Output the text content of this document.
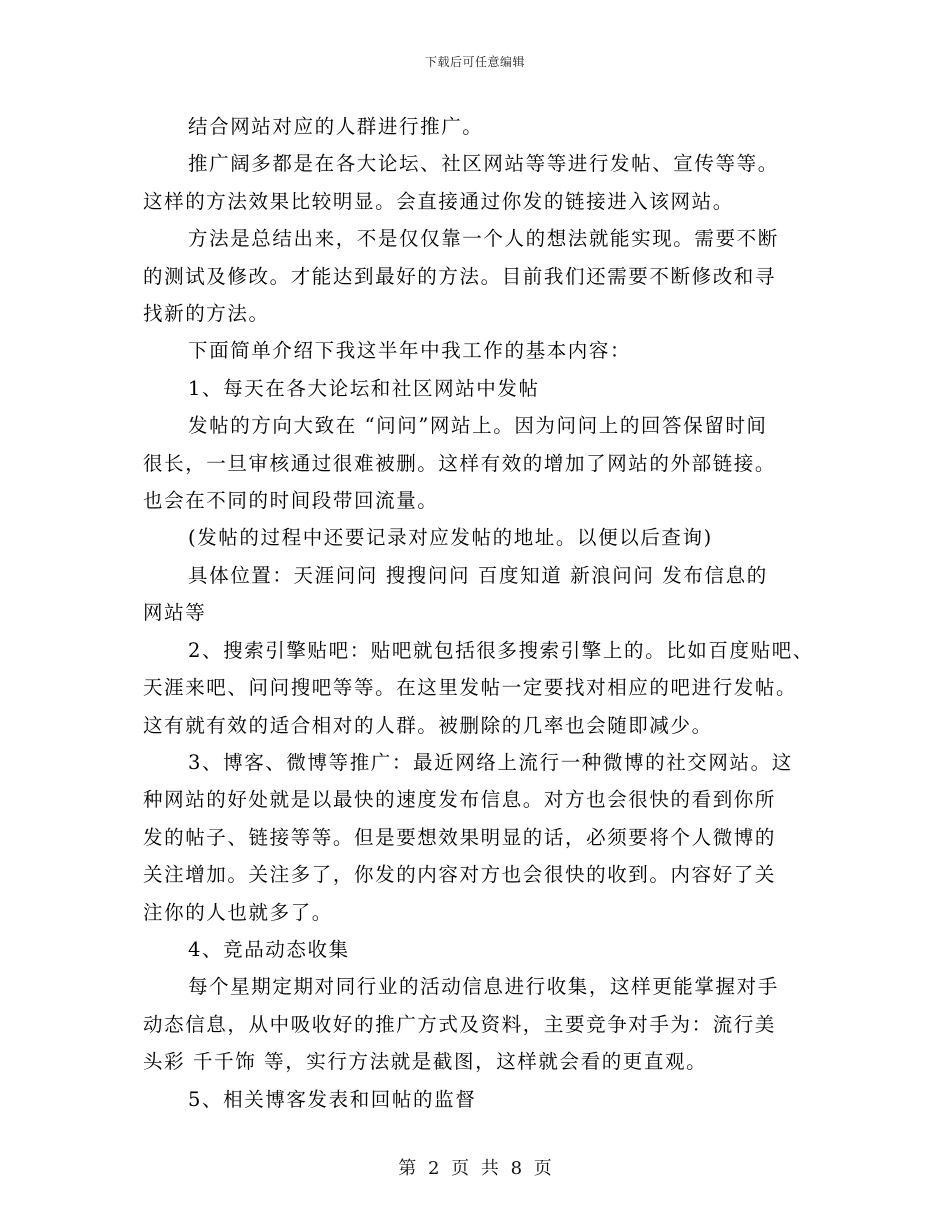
下载后可任意编辑

结合网站对应的人群进行推广。

推广阔多都是在各大论坛、社区网站等等进行发帖、宣传等等。

这样的方法效果比较明显。会直接通过你发的链接进入该网站。

方法是总结出来，不是仅仅靠一个人的想法就能实现。需要不断

的测试及修改。才能达到最好的方法。目前我们还需要不断修改和寻

找新的方法。

下面简单介绍下我这半年中我工作的基本内容：

1、每天在各大论坛和社区网站中发帖

发帖的方向大致在 “问问”网站上。因为问问上的回答保留时间

很长，一旦审核通过很难被删。这样有效的增加了网站的外部链接。

也会在不同的时间段带回流量。

(发帖的过程中还要记录对应发帖的地址。以便以后查询)

具体位置：天涯问问 搜搜问问 百度知道 新浪问问 发布信息的

网站等

2、搜索引擎贴吧：贴吧就包括很多搜索引擎上的。比如百度贴吧、

天涯来吧、问问搜吧等等。在这里发帖一定要找对相应的吧进行发帖。

这有就有效的适合相对的人群。被删除的几率也会随即减少。

3、博客、微博等推广：最近网络上流行一种微博的社交网站。这

种网站的好处就是以最快的速度发布信息。对方也会很快的看到你所

发的帖子、链接等等。但是要想效果明显的话，必须要将个人微博的

关注增加。关注多了，你发的内容对方也会很快的收到。内容好了关

注你的人也就多了。

4、竞品动态收集

每个星期定期对同行业的活动信息进行收集，这样更能掌握对手

动态信息，从中吸收好的推广方式及资料，主要竞争对手为：流行美

头彩 千千饰 等，实行方法就是截图，这样就会看的更直观。

5、相关博客发表和回帖的监督

第 2 页 共 8 页
